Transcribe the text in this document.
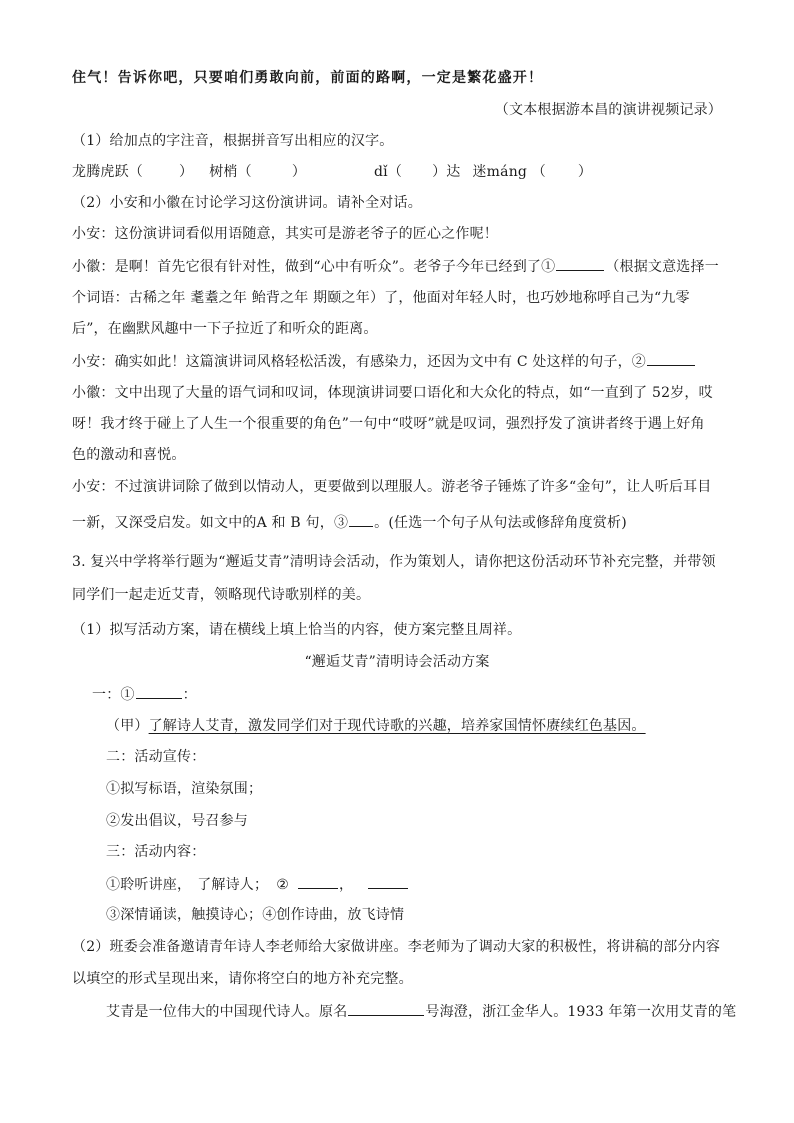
住气！告诉你吧，只要咱们勇敢向前，前面的路啊，一定是繁花盛开！
（文本根据游本昌的演讲视频记录）
（1）给加点的字注音，根据拼音写出相应的汉字。
龙腾虎跃（	） 树梢（	）	dǐ（ ）达 迷máng （ ）
（2）小安和小徽在讨论学习这份演讲词。请补全对话。
小安：这份演讲词看似用语随意，其实可是游老爷子的匠心之作呢！
小徽：是啊！首先它很有针对性，做到“心中有听众”。老爷子今年已经到了①	（根据文意选择一
个词语：古稀之年 耄耋之年 鲐背之年 期颐之年）了，他面对年轻人时，也巧妙地称呼自己为“九零
后”，在幽默风趣中一下子拉近了和听众的距离。
小安：确实如此！这篇演讲词风格轻松活泼，有感染力，还因为文中有 C 处这样的句子，②
小徽：文中出现了大量的语气词和叹词，体现演讲词要口语化和大众化的特点，如“一直到了 52岁，哎
呀！我才终于碰上了人生一个很重要的角色”一句中“哎呀”就是叹词，强烈抒发了演讲者终于遇上好角
色的激动和喜悦。
小安：不过演讲词除了做到以情动人，更要做到以理服人。游老爷子锤炼了许多“金句”，让人听后耳目
一新，又深受启发。如文中的A 和 B 句，③ 。(任选一个句子从句法或修辞角度赏析)
3. 复兴中学将举行题为“邂逅艾青”清明诗会活动，作为策划人，请你把这份活动环节补充完整，并带领
同学们一起走近艾青，领略现代诗歌别样的美。
（1）拟写活动方案，请在横线上填上恰当的内容，使方案完整且周祥。
“邂逅艾青”清明诗会活动方案
一：①	：
（甲）了解诗人艾青，激发同学们对于现代诗歌的兴趣，培养家国情怀赓续红色基因。
二：活动宣传：
①拟写标语，渲染氛围；
②发出倡议，号召参与
三：活动内容：
①聆听讲座， 了解诗人； ②	，
③深情诵读，触摸诗心；④创作诗曲，放飞诗情
（2）班委会准备邀请青年诗人李老师给大家做讲座。李老师为了调动大家的积极性，将讲稿的部分内容
以填空的形式呈现出来，请你将空白的地方补充完整。
艾青是一位伟大的中国现代诗人。原名	号海澄，浙江金华人。1933 年第一次用艾青的笔
